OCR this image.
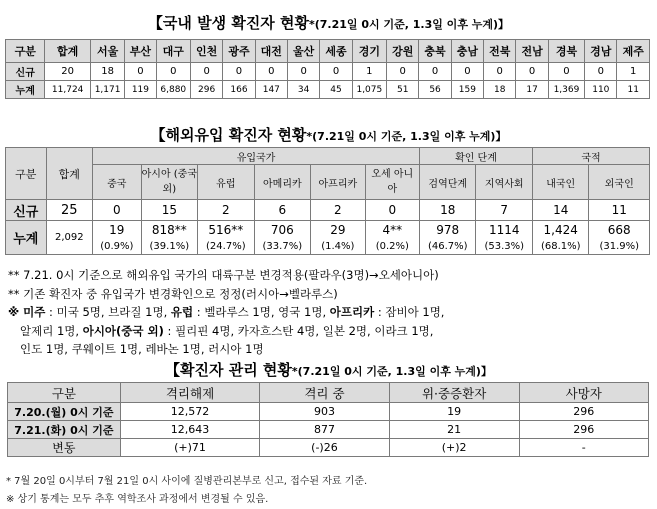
【국내 발생 확진자 현황*(7.21일 0시 기준, 1.3일 이후 누계)】
구분	합계	서울	부산	대구	인천	광주	대전	울산	세종	경기	강원	충북	충남	전북	전남	경북	경남	제주
신규	20	18	0	0	0	0	0	0	0	1	0	0	0	0	0	0	0	1
누계	11,724	1,171	119	6,880	296	166	147	34	45	1,075	51	56	159	18	17	1,369	110	11
【해외유입 확진자 현황*(7.21일 0시 기준, 1.3일 이후 누계)】
구분	합계	유입국가						확인 단계		국적	
		중국	아시아 (중국 외)	유럽	아메리카	아프리카	오세 아니아	검역단계	지역사회	내국인	외국인
신규	25	0	15	2	6	2	0	18	7	14	11
누계	2,092	19	818**	516**	706	29	4**	978	1114	1,424	668
		(0.9%)	(39.1%)	(24.7%)	(33.7%)	(1.4%)	(0.2%)	(46.7%)	(53.3%)	(68.1%)	(31.9%)

** 7.21. 0시 기준으로 해외유입 국가의 대륙구분 변경적용(팔라우(3명)→오세아니아)

** 기존 확진자 중 유입국가 변경확인으로 정정(러시아→벨라루스)

※ 미주 : 미국 5명, 브라질 1명, 유럽 : 벨라루스 1명, 영국 1명, 아프리카 : 잠비아 1명,

알제리 1명, 아시아(중국 외) : 필리핀 4명, 카자흐스탄 4명, 일본 2명, 이라크 1명,

인도 1명, 쿠웨이트 1명, 레바논 1명, 러시아 1명

【확진자 관리 현황*(7.21일 0시 기준, 1.3일 이후 누계)】
구분	격리해제	격리 중	위·중증환자	사망자
7.20.(월) 0시 기준	12,572	903	19	296
7.21.(화) 0시 기준	12,643	877	21	296
변동	(+)71	(-)26	(+)2	-
* 7월 20일 0시부터 7월 21일 0시 사이에 질병관리본부로 신고, 접수된 자료 기준.
※ 상기 통계는 모두 추후 역학조사 과정에서 변경될 수 있음.
